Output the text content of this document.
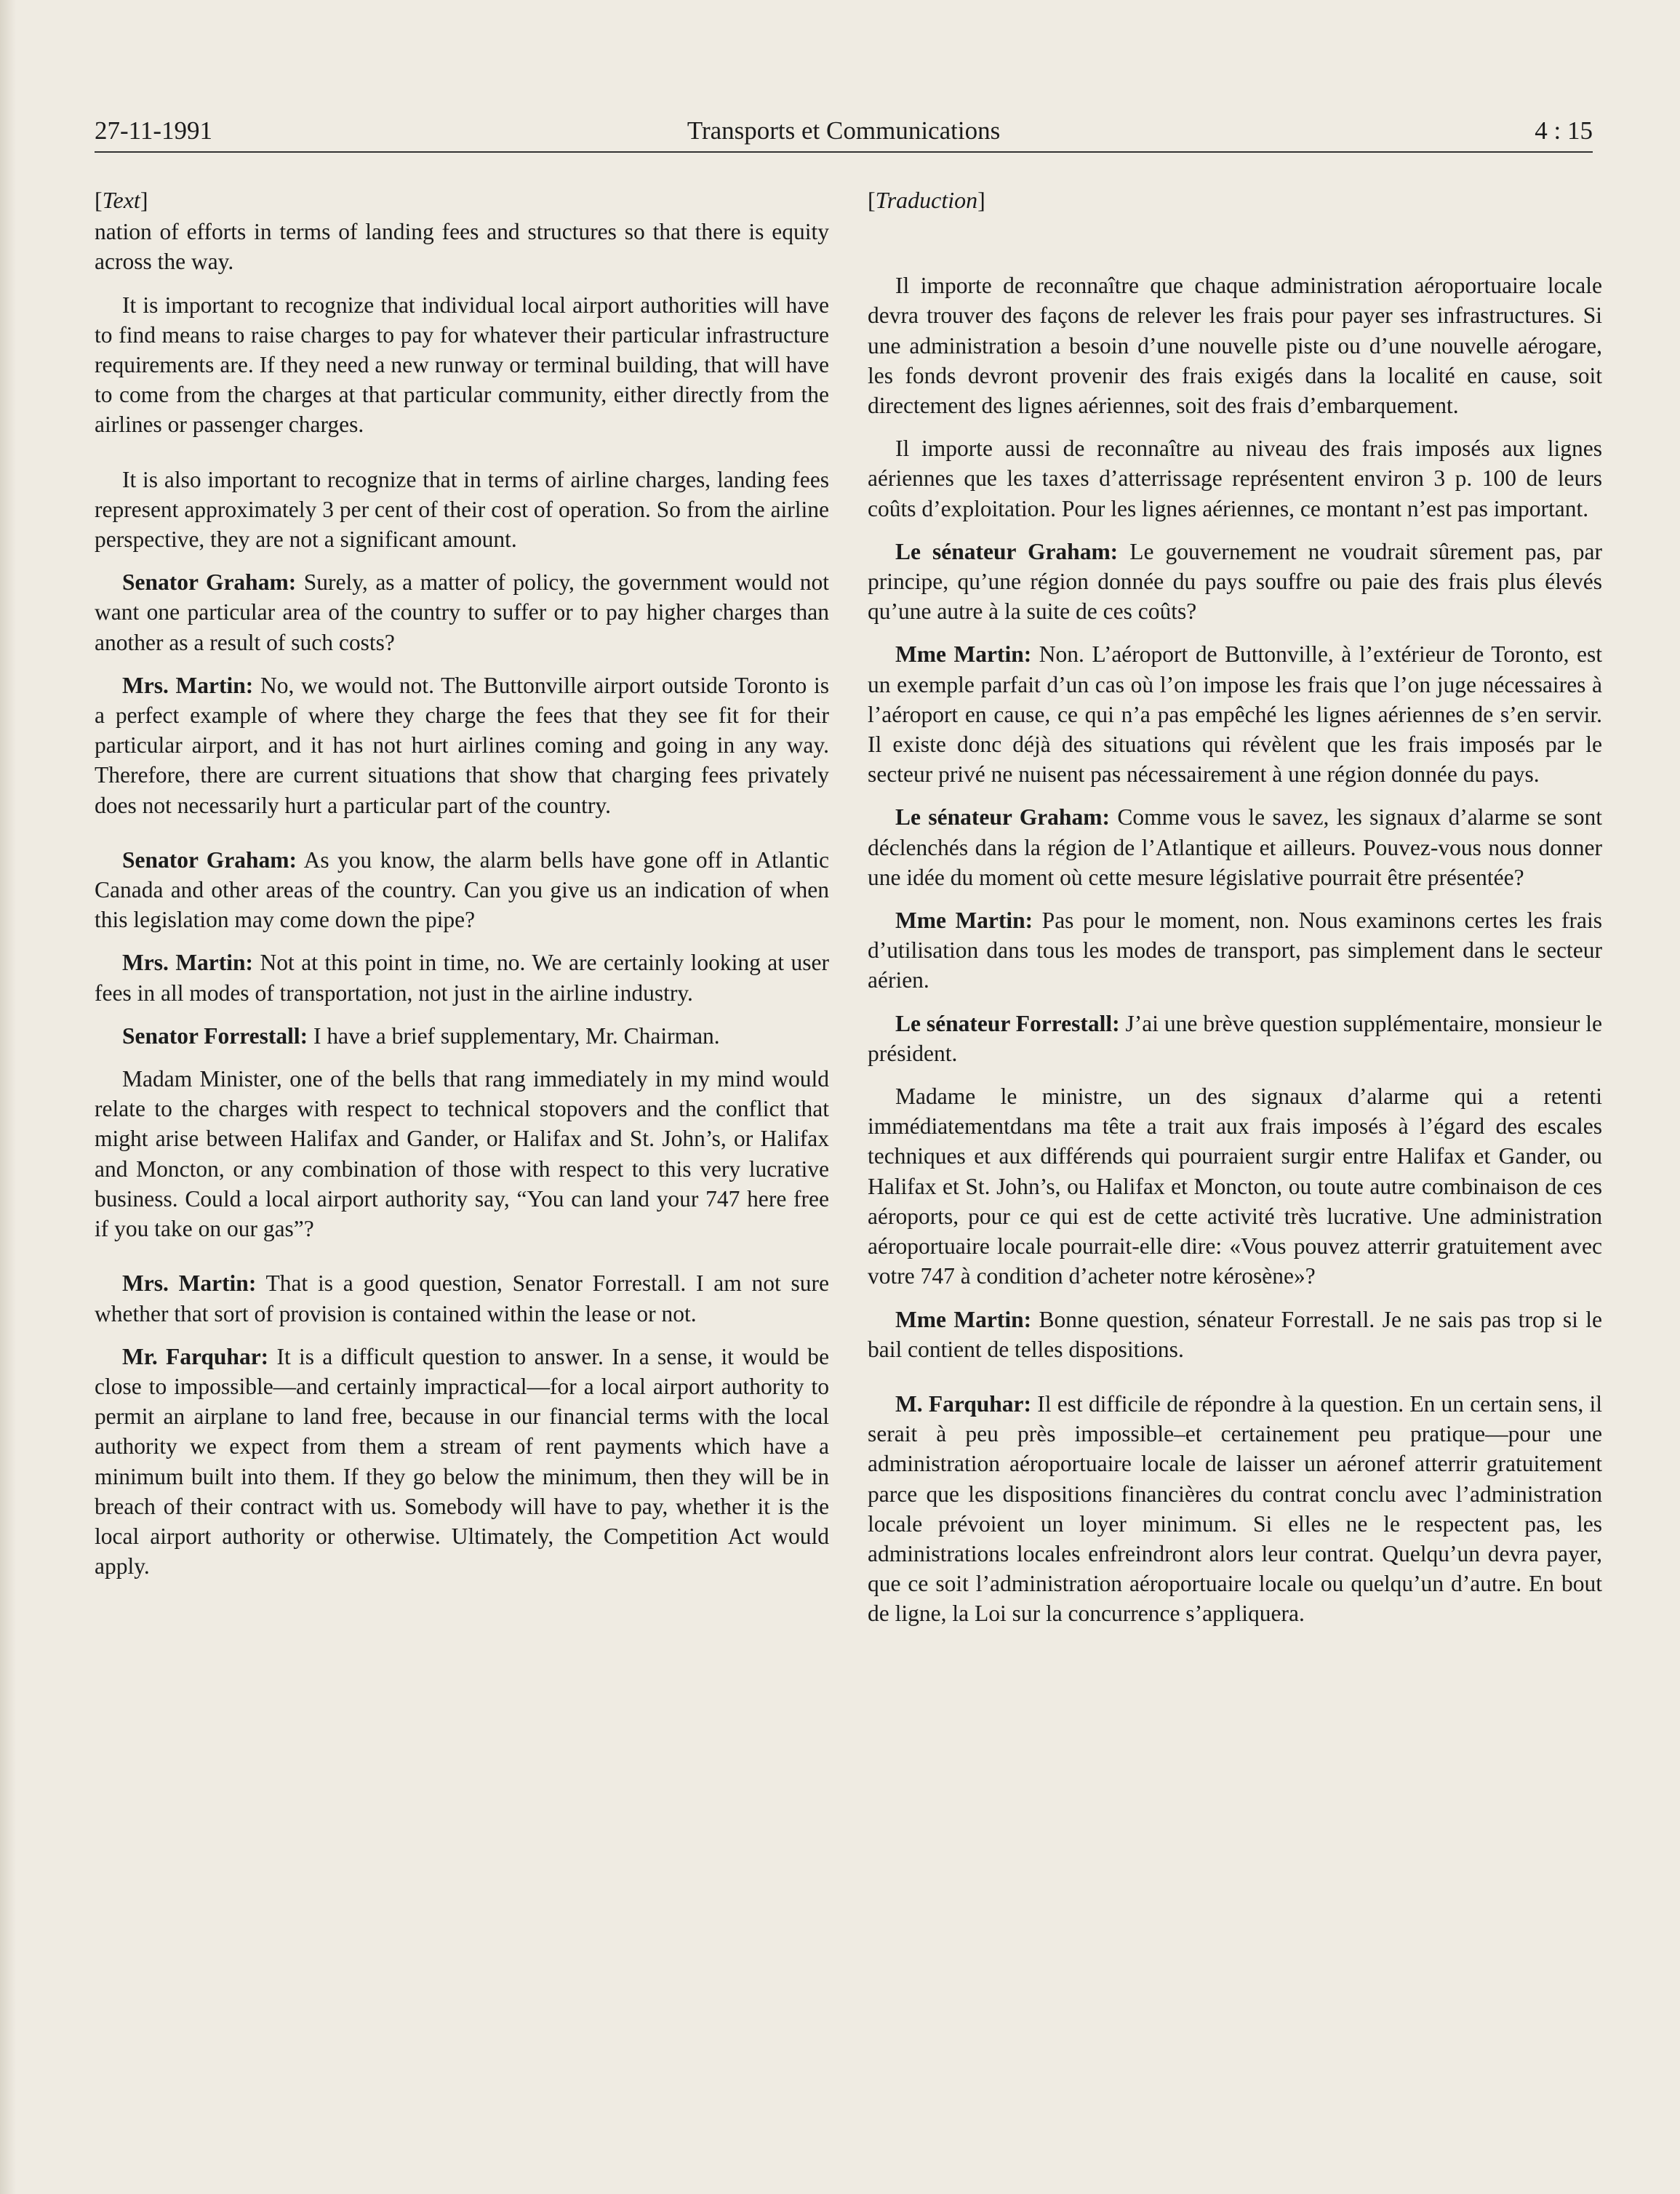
27-11-1991	Transports et Communications	4 : 15

[Text]

nation of efforts in terms of landing fees and structures so that there is equity across the way.

It is important to recognize that individual local airport authorities will have to find means to raise charges to pay for whatever their particular infrastructure requirements are. If they need a new runway or terminal building, that will have to come from the charges at that particular community, either directly from the airlines or passenger charges.

It is also important to recognize that in terms of airline charges, landing fees represent approximately 3 per cent of their cost of operation. So from the airline perspective, they are not a significant amount.

Senator Graham: Surely, as a matter of policy, the government would not want one particular area of the country to suffer or to pay higher charges than another as a result of such costs?

Mrs. Martin: No, we would not. The Buttonville airport outside Toronto is a perfect example of where they charge the fees that they see fit for their particular airport, and it has not hurt airlines coming and going in any way. Therefore, there are current situations that show that charging fees privately does not necessarily hurt a particular part of the country.

Senator Graham: As you know, the alarm bells have gone off in Atlantic Canada and other areas of the country. Can you give us an indication of when this legislation may come down the pipe?

Mrs. Martin: Not at this point in time, no. We are certainly looking at user fees in all modes of transportation, not just in the airline industry.

Senator Forrestall: I have a brief supplementary, Mr. Chairman.

Madam Minister, one of the bells that rang immediately in my mind would relate to the charges with respect to technical stopovers and the conflict that might arise between Halifax and Gander, or Halifax and St. John’s, or Halifax and Moncton, or any combination of those with respect to this very lucrative business. Could a local airport authority say, “You can land your 747 here free if you take on our gas”?

Mrs. Martin: That is a good question, Senator Forrestall. I am not sure whether that sort of provision is contained within the lease or not.

Mr. Farquhar: It is a difficult question to answer. In a sense, it would be close to impossible—and certainly impractical—for a local airport authority to permit an airplane to land free, because in our financial terms with the local authority we expect from them a stream of rent payments which have a minimum built into them. If they go below the minimum, then they will be in breach of their contract with us. Somebody will have to pay, whether it is the local airport authority or otherwise. Ultimately, the Competition Act would apply.

[Traduction]

Il importe de reconnaître que chaque administration aéroportuaire locale devra trouver des façons de relever les frais pour payer ses infrastructures. Si une administration a besoin d’une nouvelle piste ou d’une nouvelle aérogare, les fonds devront provenir des frais exigés dans la localité en cause, soit directement des lignes aériennes, soit des frais d’embarquement.

Il importe aussi de reconnaître au niveau des frais imposés aux lignes aériennes que les taxes d’atterrissage représentent environ 3 p. 100 de leurs coûts d’exploitation. Pour les lignes aériennes, ce montant n’est pas important.

Le sénateur Graham: Le gouvernement ne voudrait sûrement pas, par principe, qu’une région donnée du pays souffre ou paie des frais plus élevés qu’une autre à la suite de ces coûts?

Mme Martin: Non. L’aéroport de Buttonville, à l’extérieur de Toronto, est un exemple parfait d’un cas où l’on impose les frais que l’on juge nécessaires à l’aéroport en cause, ce qui n’a pas empêché les lignes aériennes de s’en servir. Il existe donc déjà des situations qui révèlent que les frais imposés par le secteur privé ne nuisent pas nécessairement à une région donnée du pays.

Le sénateur Graham: Comme vous le savez, les signaux d’alarme se sont déclenchés dans la région de l’Atlantique et ailleurs. Pouvez-vous nous donner une idée du moment où cette mesure législative pourrait être présentée?

Mme Martin: Pas pour le moment, non. Nous examinons certes les frais d’utilisation dans tous les modes de transport, pas simplement dans le secteur aérien.

Le sénateur Forrestall: J’ai une brève question supplémentaire, monsieur le président.

Madame le ministre, un des signaux d’alarme qui a retenti immédiatementdans ma tête a trait aux frais imposés à l’égard des escales techniques et aux différends qui pourraient surgir entre Halifax et Gander, ou Halifax et St. John’s, ou Halifax et Moncton, ou toute autre combinaison de ces aéroports, pour ce qui est de cette activité très lucrative. Une administration aéroportuaire locale pourrait-elle dire: «Vous pouvez atterrir gratuitement avec votre 747 à condition d’acheter notre kérosène»?

Mme Martin: Bonne question, sénateur Forrestall. Je ne sais pas trop si le bail contient de telles dispositions.

M. Farquhar: Il est difficile de répondre à la question. En un certain sens, il serait à peu près impossible–et certainement peu pratique—pour une administration aéroportuaire locale de laisser un aéronef atterrir gratuitement parce que les dispositions financières du contrat conclu avec l’administration locale prévoient un loyer minimum. Si elles ne le respectent pas, les administrations locales enfreindront alors leur contrat. Quelqu’un devra payer, que ce soit l’administration aéroportuaire locale ou quelqu’un d’autre. En bout de ligne, la Loi sur la concurrence s’appliquera.
